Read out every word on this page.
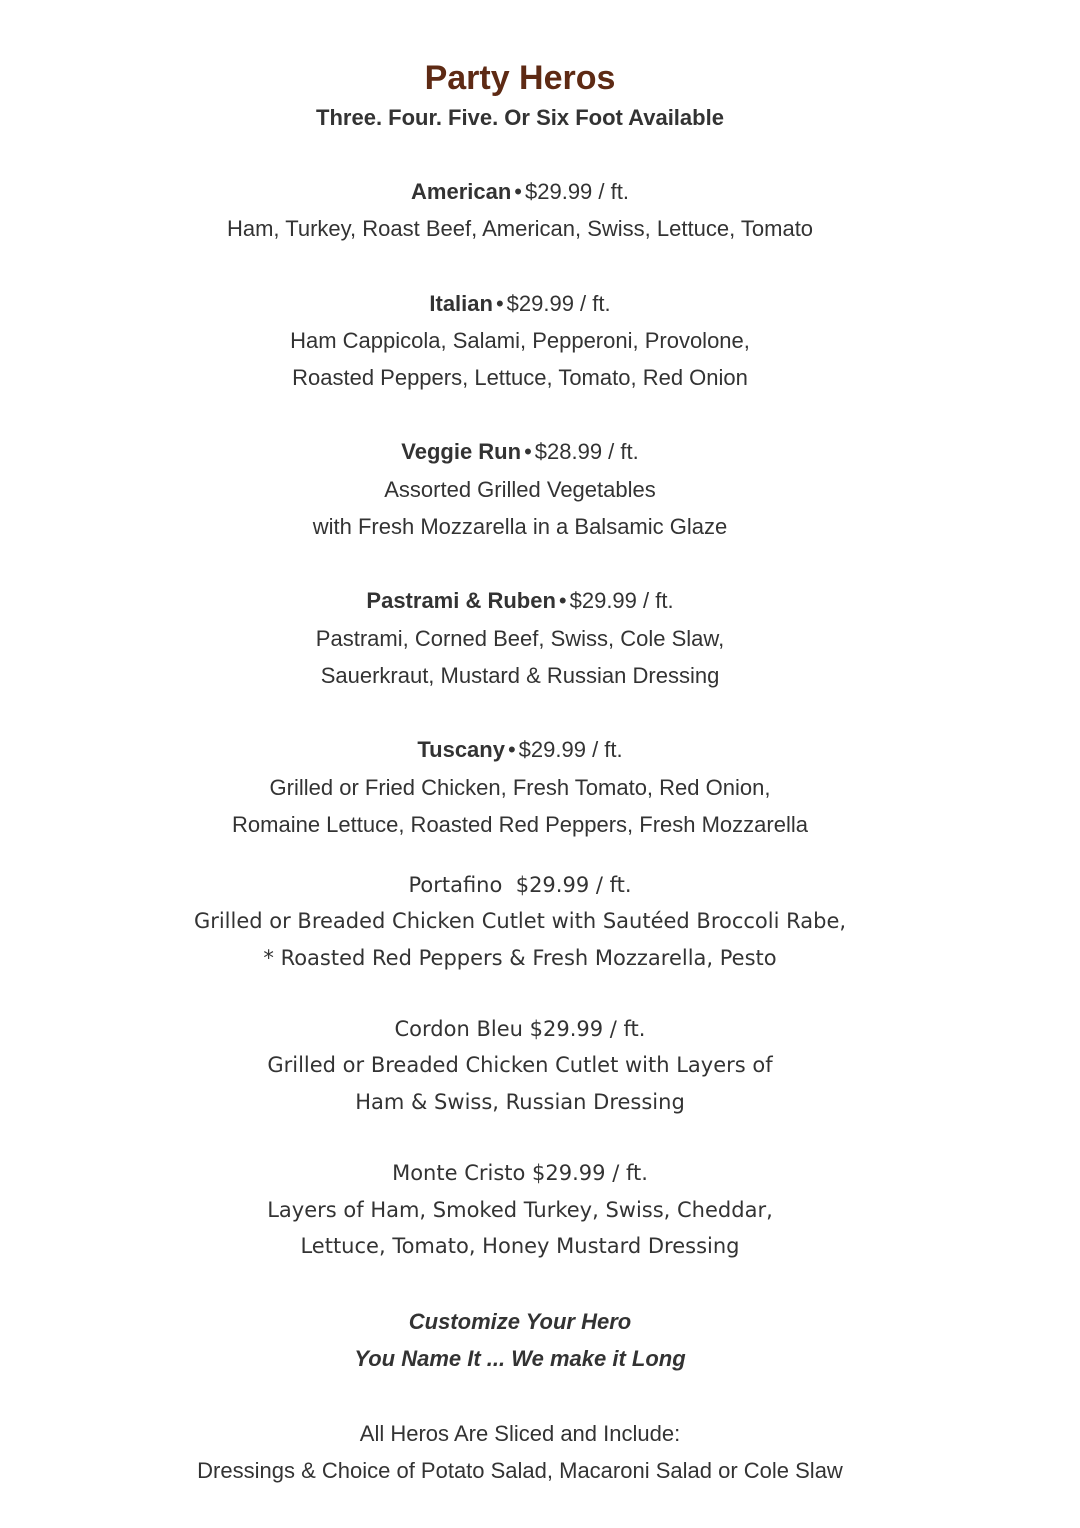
Party Heros
Three. Four. Five. Or Six Foot Available
American • $29.99 / ft.
Ham, Turkey, Roast Beef, American, Swiss, Lettuce, Tomato
Italian • $29.99 / ft.
Ham Cappicola, Salami, Pepperoni, Provolone,
Roasted Peppers, Lettuce, Tomato, Red Onion
Veggie Run • $28.99 / ft.
Assorted Grilled Vegetables
with Fresh Mozzarella in a Balsamic Glaze
Pastrami & Ruben • $29.99 / ft.
Pastrami, Corned Beef, Swiss, Cole Slaw,
Sauerkraut, Mustard & Russian Dressing
Tuscany • $29.99 / ft.
Grilled or Fried Chicken, Fresh Tomato, Red Onion,
Romaine Lettuce, Roasted Red Peppers, Fresh Mozzarella
Portafino $29.99 / ft.
Grilled or Breaded Chicken Cutlet with Sautéed Broccoli Rabe,
* Roasted Red Peppers & Fresh Mozzarella, Pesto
Cordon Bleu $29.99 / ft.
Grilled or Breaded Chicken Cutlet with Layers of
Ham & Swiss, Russian Dressing
Monte Cristo $29.99 / ft.
Layers of Ham, Smoked Turkey, Swiss, Cheddar,
Lettuce, Tomato, Honey Mustard Dressing
Customize Your Hero
You Name It ... We make it Long
All Heros Are Sliced and Include:
Dressings & Choice of Potato Salad, Macaroni Salad or Cole Slaw
